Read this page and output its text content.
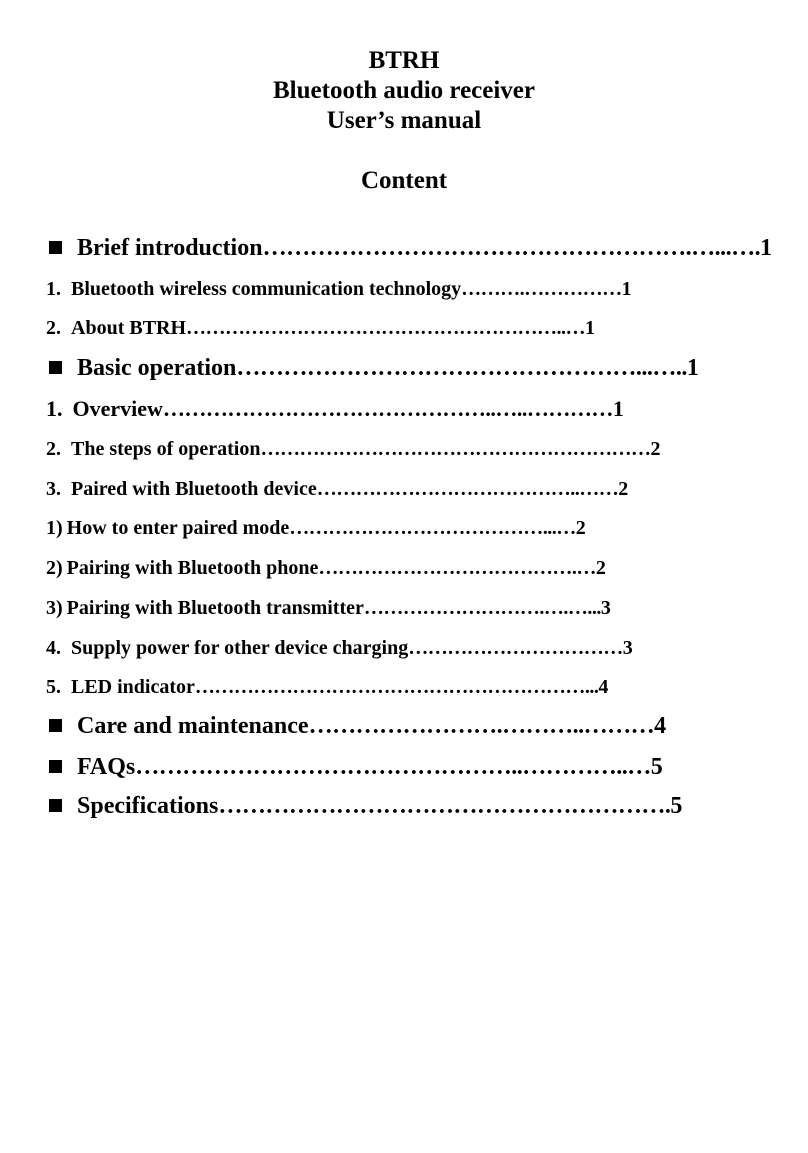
BTRH
Bluetooth audio receiver
User’s manual
Content
Brief introduction……………………………………………….…...….1
1. Bluetooth wireless communication technology……….……………1
2. About BTRH…………………………………………………..…1
Basic operation……………………………………………...…..1
1. Overview………………………………………..…..…………1
2. The steps of operation……………………………………………………2
3. Paired with Bluetooth device…………………………………..……2
1) How to enter paired mode…………………………………...…2
2) Pairing with Bluetooth phone………………………………….…2
3) Pairing with Bluetooth transmitter……………………….….…...3
4. Supply power for other device charging……………………………3
5. LED indicator……………………………………………………...4
Care and maintenance…………………….………..………4
FAQs…………………………………………..…………..…5
Specifications………………………………………………….5
